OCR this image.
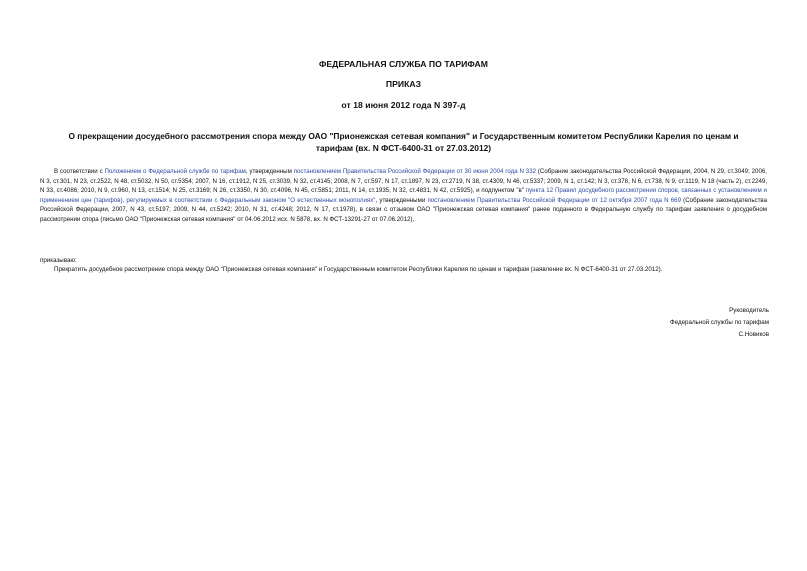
ФЕДЕРАЛЬНАЯ СЛУЖБА ПО ТАРИФАМ
ПРИКАЗ
от 18 июня 2012 года N 397-д
О прекращении досудебного рассмотрения спора между ОАО "Прионежская сетевая компания" и Государственным комитетом Республики Карелия по ценам и
тарифам (вх. N ФСТ-6400-31 от 27.03.2012)
В соответствии с Положением о Федеральной службе по тарифам, утвержденным постановлением Правительства Российской Федерации от 30 июня 2004 года N 332 (Собрание законодательства Российской Федерации, 2004, N 29, ст.3049; 2006, N 3, ст.301, N 23, ст.2522, N 48, ст.5032, N 50, ст.5354; 2007, N 16, ст.1912, N 25, ст.3039, N 32, ст.4145; 2008, N 7, ст.597, N 17, ст.1897, N 23, ст.2719, N 38, ст.4309, N 46, ст.5337; 2009, N 1, ст.142; N 3, ст.378, N 6, ст.738, N 9, ст.1119, N 18 (часть 2), ст.2249, N 33, ст.4086; 2010, N 9, ст.960, N 13, ст.1514; N 25, ст.3169; N 26, ст.3350, N 30, ст.4096, N 45, ст.5851; 2011, N 14, ст.1935, N 32, ст.4831, N 42, ст.5925), и подпунктом "в" пункта 12 Правил досудебного рассмотрения споров, связанных с установлением и применением цен (тарифов), регулируемых в соответствии с Федеральным законом "О естественных монополиях", утвержденными постановлением Правительства Российской Федерации от 12 октября 2007 года N 669 (Собрание законодательства Российской Федерации, 2007, N 43, ст.5197; 2009, N 44, ст.5242; 2010, N 31, ст.4248; 2012, N 17, ст.1978), в связи с отзывом ОАО "Прионежская сетевая компания" ранее поданного в Федеральную службу по тарифам заявления о досудебном рассмотрении спора (письмо ОАО "Прионежская сетевая компания" от 04.06.2012 исх. N 5878, вх. N ФСТ-13291-27 от 07.06.2012),
приказываю:
Прекратить досудебное рассмотрение спора между ОАО "Прионежская сетевая компания" и Государственным комитетом Республики Карелия по ценам и тарифам (заявление вх. N ФСТ-6400-31 от 27.03.2012).
Руководитель
Федеральной службы по тарифам
С.Новиков
